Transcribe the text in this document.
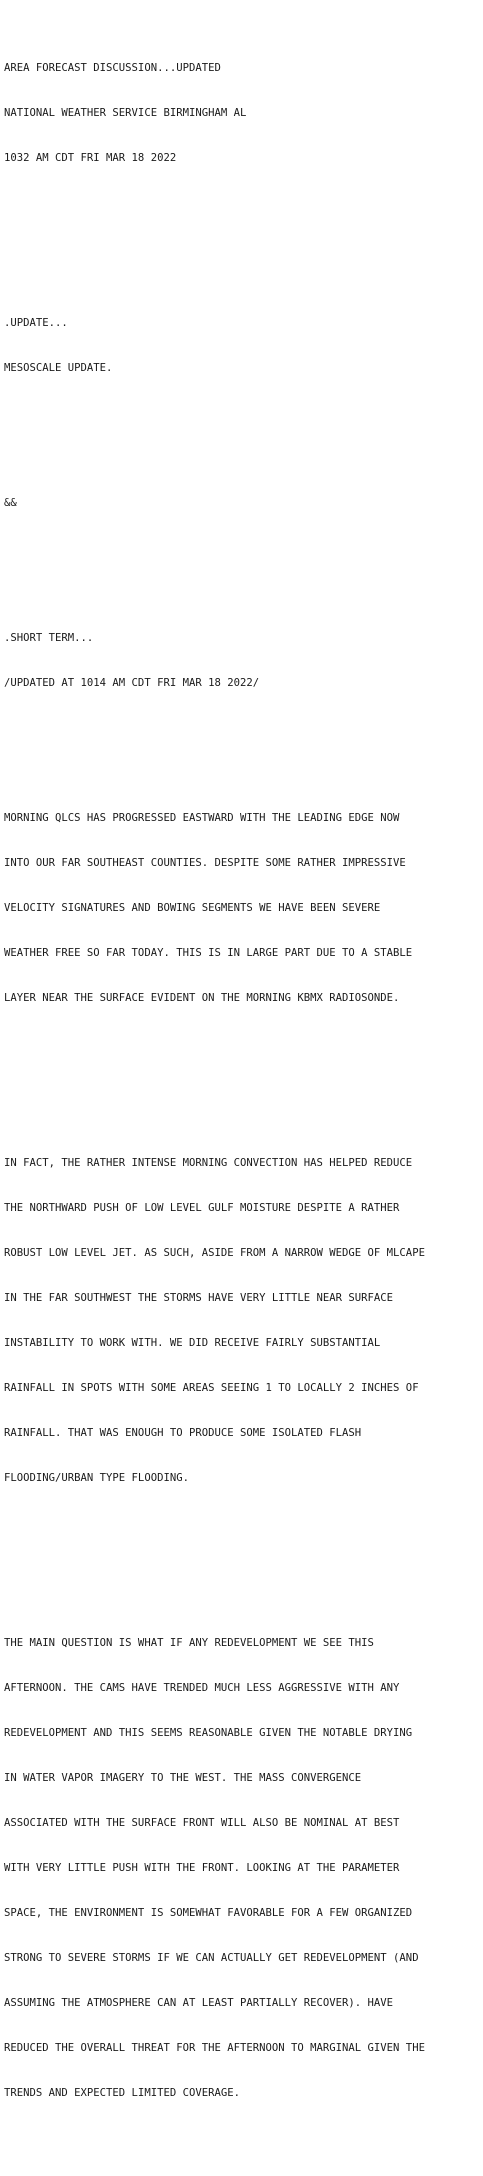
AREA FORECAST DISCUSSION...UPDATED

NATIONAL WEATHER SERVICE BIRMINGHAM AL

1032 AM CDT FRI MAR 18 2022

.UPDATE...

MESOSCALE UPDATE.

&&

.SHORT TERM...

/UPDATED AT 1014 AM CDT FRI MAR 18 2022/

MORNING QLCS HAS PROGRESSED EASTWARD WITH THE LEADING EDGE NOW

INTO OUR FAR SOUTHEAST COUNTIES. DESPITE SOME RATHER IMPRESSIVE

VELOCITY SIGNATURES AND BOWING SEGMENTS WE HAVE BEEN SEVERE

WEATHER FREE SO FAR TODAY. THIS IS IN LARGE PART DUE TO A STABLE

LAYER NEAR THE SURFACE EVIDENT ON THE MORNING KBMX RADIOSONDE.

IN FACT, THE RATHER INTENSE MORNING CONVECTION HAS HELPED REDUCE

THE NORTHWARD PUSH OF LOW LEVEL GULF MOISTURE DESPITE A RATHER

ROBUST LOW LEVEL JET. AS SUCH, ASIDE FROM A NARROW WEDGE OF MLCAPE

IN THE FAR SOUTHWEST THE STORMS HAVE VERY LITTLE NEAR SURFACE

INSTABILITY TO WORK WITH. WE DID RECEIVE FAIRLY SUBSTANTIAL

RAINFALL IN SPOTS WITH SOME AREAS SEEING 1 TO LOCALLY 2 INCHES OF

RAINFALL. THAT WAS ENOUGH TO PRODUCE SOME ISOLATED FLASH

FLOODING/URBAN TYPE FLOODING.

THE MAIN QUESTION IS WHAT IF ANY REDEVELOPMENT WE SEE THIS

AFTERNOON. THE CAMS HAVE TRENDED MUCH LESS AGGRESSIVE WITH ANY

REDEVELOPMENT AND THIS SEEMS REASONABLE GIVEN THE NOTABLE DRYING

IN WATER VAPOR IMAGERY TO THE WEST. THE MASS CONVERGENCE

ASSOCIATED WITH THE SURFACE FRONT WILL ALSO BE NOMINAL AT BEST

WITH VERY LITTLE PUSH WITH THE FRONT. LOOKING AT THE PARAMETER

SPACE, THE ENVIRONMENT IS SOMEWHAT FAVORABLE FOR A FEW ORGANIZED

STRONG TO SEVERE STORMS IF WE CAN ACTUALLY GET REDEVELOPMENT (AND

ASSUMING THE ATMOSPHERE CAN AT LEAST PARTIALLY RECOVER). HAVE

REDUCED THE OVERALL THREAT FOR THE AFTERNOON TO MARGINAL GIVEN THE

TRENDS AND EXPECTED LIMITED COVERAGE.
